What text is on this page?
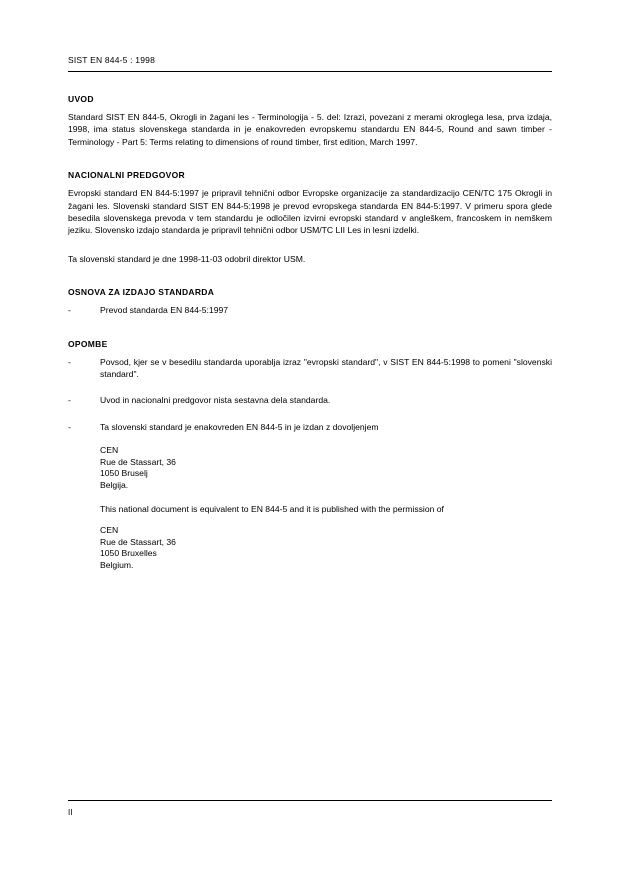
SIST EN 844-5 : 1998
UVOD

Standard SIST EN 844-5, Okrogli in žagani les - Terminologija - 5. del: Izrazi, povezani z merami okroglega lesa, prva izdaja, 1998, ima status slovenskega standarda in je enakovreden evropskemu standardu EN 844-5, Round and sawn timber - Terminology - Part 5: Terms relating to dimensions of round timber, first edition, March 1997.

NACIONALNI PREDGOVOR

Evropski standard EN 844-5:1997 je pripravil tehnični odbor Evropske organizacije za standardizacijo CEN/TC 175 Okrogli in žagani les. Slovenski standard SIST EN 844-5:1998 je prevod evropskega standarda EN 844-5:1997. V primeru spora glede besedila slovenskega prevoda v tem standardu je odločilen izvirni evropski standard v angleškem, francoskem in nemškem jeziku. Slovensko izdajo standarda je pripravil tehnični odbor USM/TC LII Les in lesni izdelki.

Ta slovenski standard je dne 1998-11-03 odobril direktor USM.

OSNOVA ZA IZDAJO STANDARDA
-	Prevod standarda EN 844-5:1997
OPOMBE
-	Povsod, kjer se v besedilu standarda uporablja izraz "evropski standard", v SIST EN 844-5:1998 to pomeni "slovenski standard".
-	Uvod in nacionalni predgovor nista sestavna dela standarda.
-	Ta slovenski standard je enakovreden EN 844-5 in je izdan z dovoljenjem
CEN
Rue de Stassart, 36
1050 Bruselj
Belgija.
This national document is equivalent to EN 844-5 and it is published with the permission of
CEN
Rue de Stassart, 36
1050 Bruxelles
Belgium.
II
